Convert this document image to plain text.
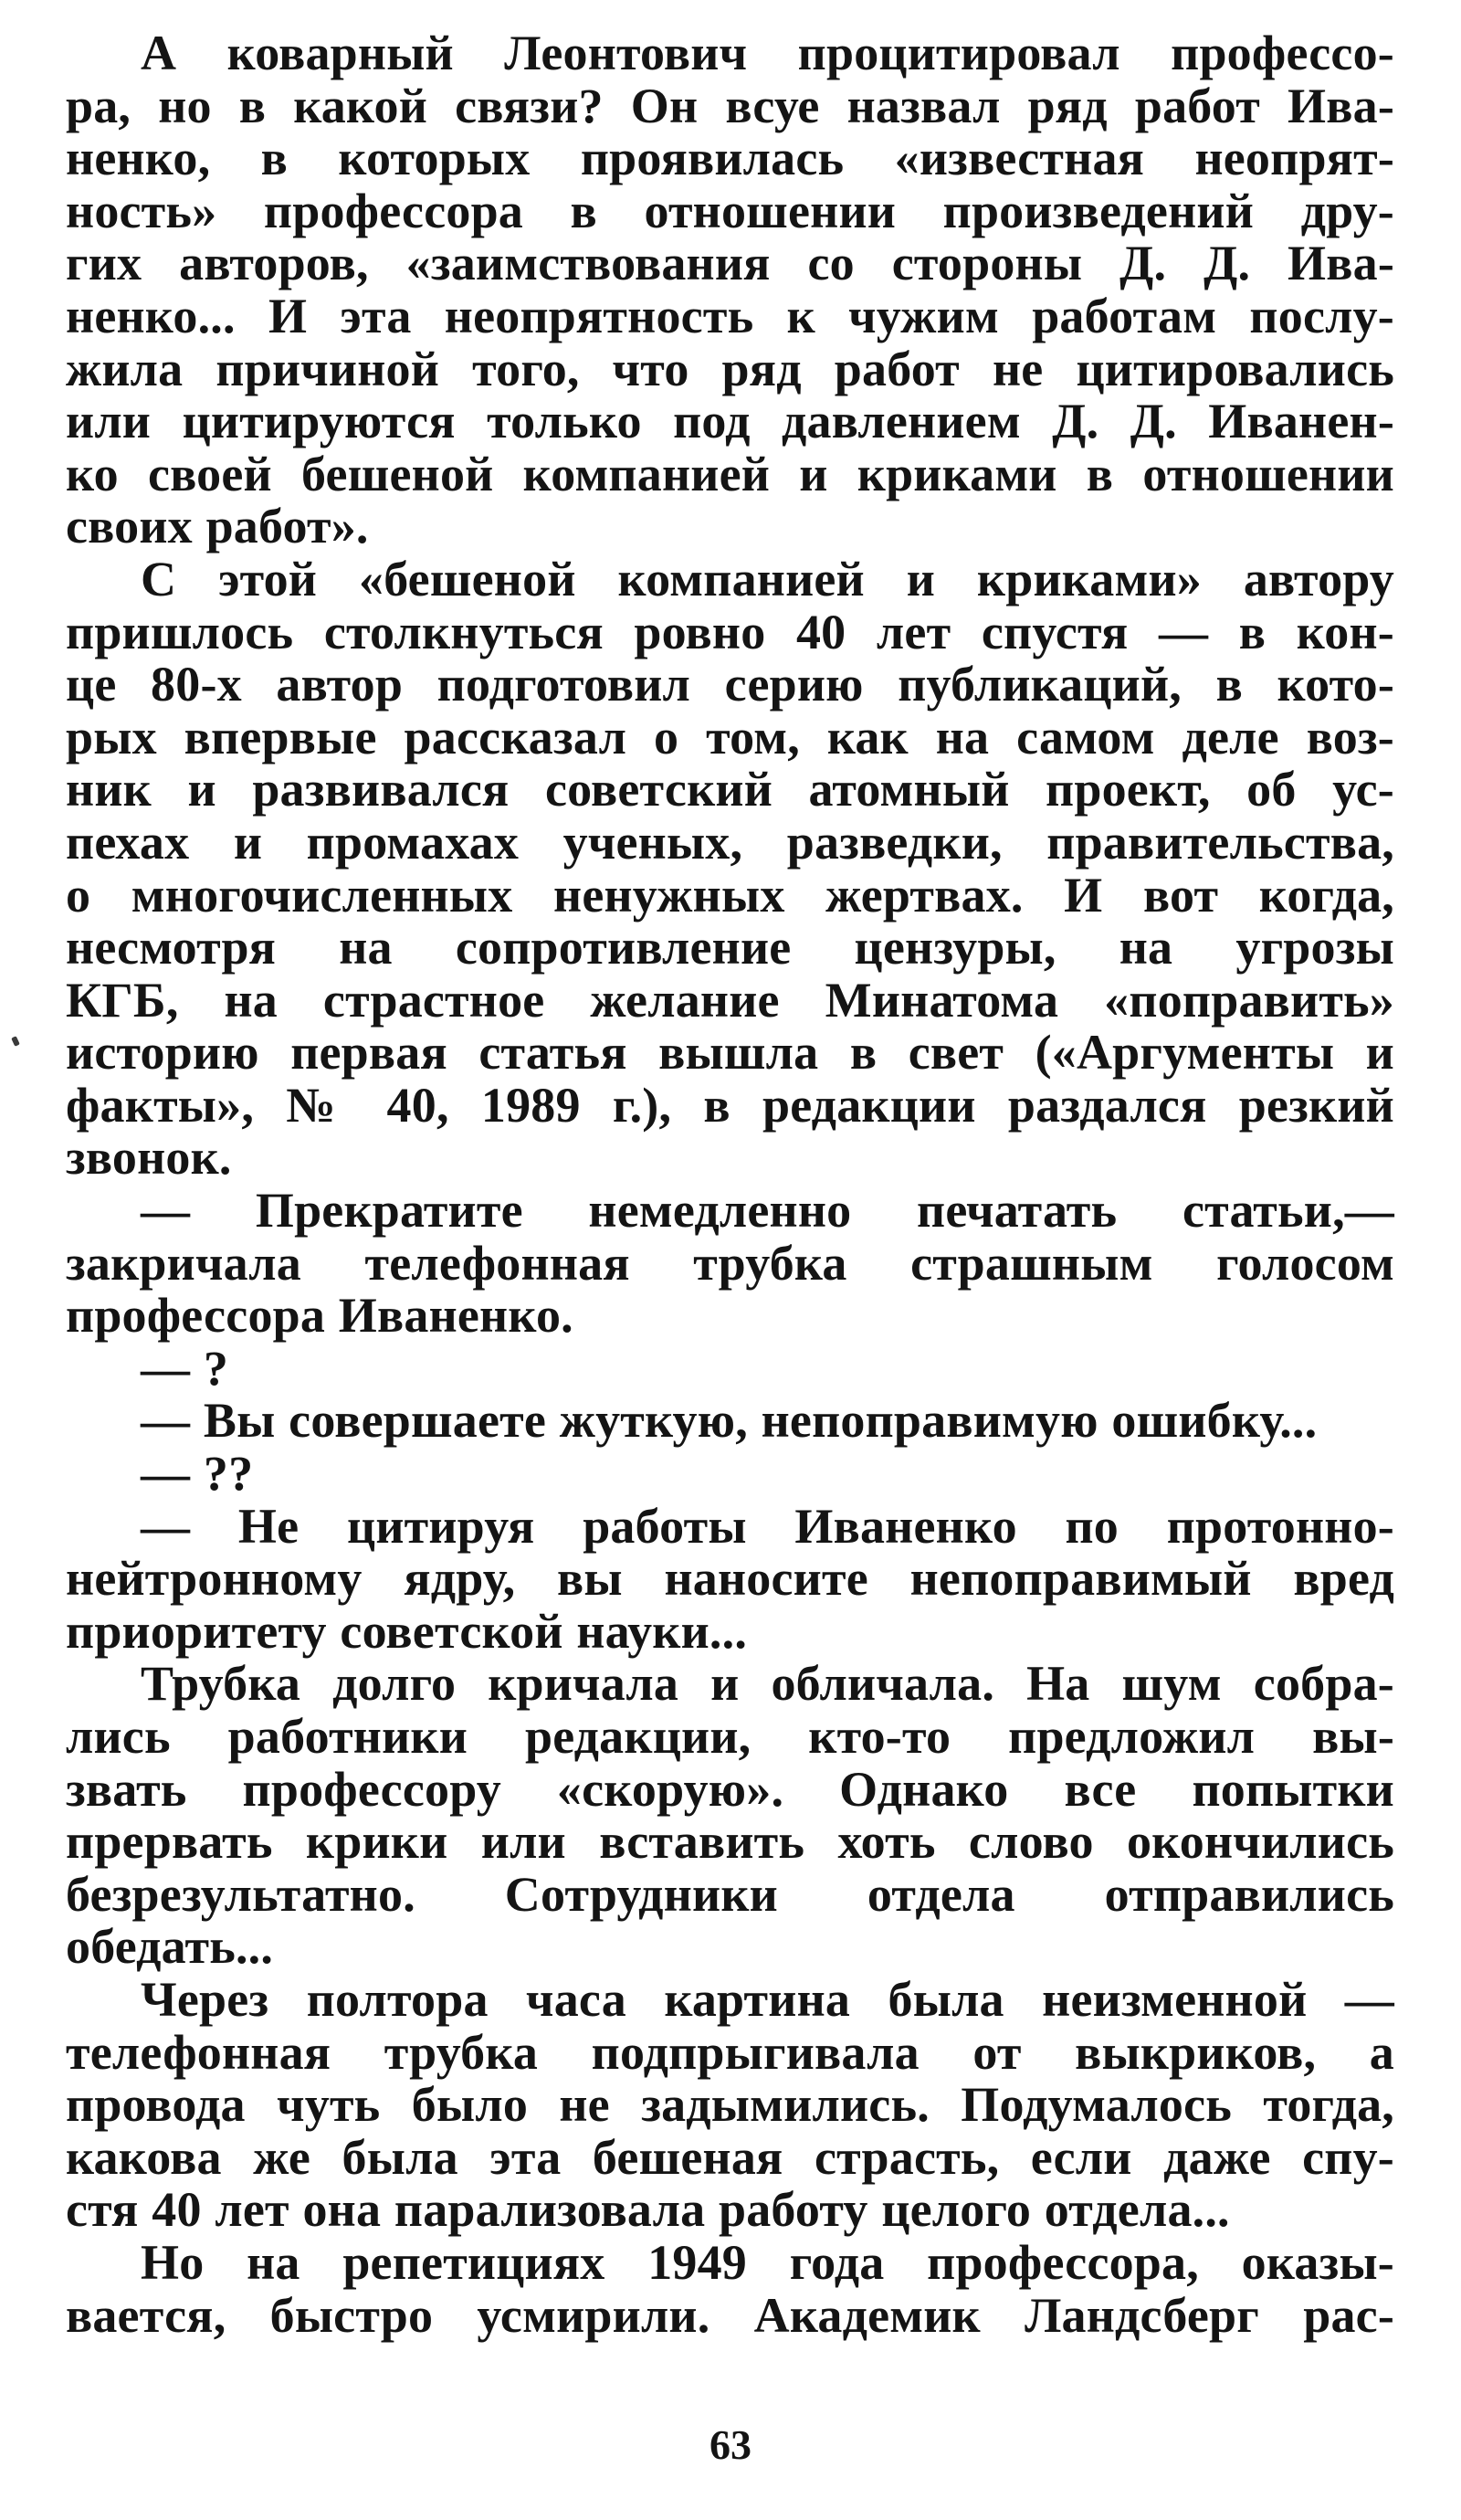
А коварный Леонтович процитировал профессо-
ра, но в какой связи? Он всуе назвал ряд работ Ива-
ненко, в которых проявилась «известная неопрят-
ность» профессора в отношении произведений дру-
гих авторов, «заимствования со стороны Д. Д. Ива-
ненко... И эта неопрятность к чужим работам послу-
жила причиной того, что ряд работ не цитировались
или цитируются только под давлением Д. Д. Иванен-
ко своей бешеной компанией и криками в отношении
своих работ».
С этой «бешеной компанией и криками» автору
пришлось столкнуться ровно 40 лет спустя — в кон-
це 80-х автор подготовил серию публикаций, в кото-
рых впервые рассказал о том, как на самом деле воз-
ник и развивался советский атомный проект, об ус-
пехах и промахах ученых, разведки, правительства,
о многочисленных ненужных жертвах. И вот когда,
несмотря на сопротивление цензуры, на угрозы
КГБ, на страстное желание Минатома «поправить»
историю первая статья вышла в свет («Аргументы и
факты», № 40, 1989 г.), в редакции раздался резкий
звонок.
— Прекратите немедленно печатать статьи,—
закричала телефонная трубка страшным голосом
профессора Иваненко.
— ?
— Вы совершаете жуткую, непоправимую ошибку...
— ??
— Не цитируя работы Иваненко по протонно-
нейтронному ядру, вы наносите непоправимый вред
приоритету советской науки...
Трубка долго кричала и обличала. На шум собра-
лись работники редакции, кто-то предложил вы-
звать профессору «скорую». Однако все попытки
прервать крики или вставить хоть слово окончились
безрезультатно. Сотрудники отдела отправились
обедать...
Через полтора часа картина была неизменной —
телефонная трубка подпрыгивала от выкриков, а
провода чуть было не задымились. Подумалось тогда,
какова же была эта бешеная страсть, если даже спу-
стя 40 лет она парализовала работу целого отдела...
Но на репетициях 1949 года профессора, оказы-
вается, быстро усмирили. Академик Ландсберг рас-
63
